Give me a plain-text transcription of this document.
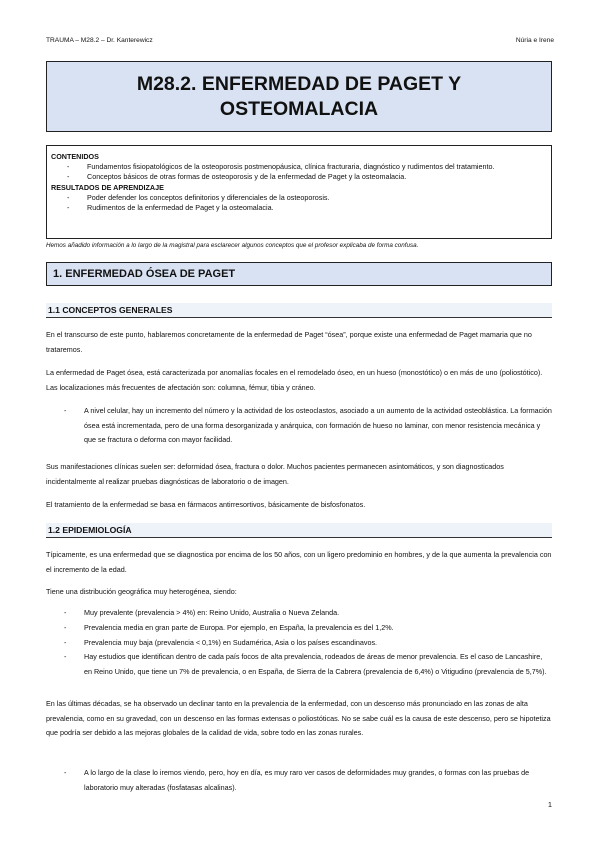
TRAUMA – M28.2 – Dr. Kanterewicz	Núria e Irene
M28.2. ENFERMEDAD DE PAGET Y
OSTEOMALACIA
CONTENIDOS
- Fundamentos fisiopatológicos de la osteoporosis postmenopáusica, clínica fracturaria, diagnóstico y rudimentos del tratamiento.
- Conceptos básicos de otras formas de osteoporosis y de la enfermedad de Paget y la osteomalacia.
RESULTADOS DE APRENDIZAJE
- Poder defender los conceptos definitorios y diferenciales de la osteoporosis.
- Rudimentos de la enfermedad de Paget y la osteomalacia.
Hemos añadido información a lo largo de la magistral para esclarecer algunos conceptos que el profesor explicaba de forma confusa.
1. ENFERMEDAD ÓSEA DE PAGET
1.1 CONCEPTOS GENERALES
En el transcurso de este punto, hablaremos concretamente de la enfermedad de Paget “ósea”, porque existe una enfermedad de Paget mamaria que no trataremos.
La enfermedad de Paget ósea, está caracterizada por anomalías focales en el remodelado óseo, en un hueso (monostótico) o en más de uno (poliostótico). Las localizaciones más frecuentes de afectación son: columna, fémur, tibia y cráneo.
- A nivel celular, hay un incremento del número y la actividad de los osteoclastos, asociado a un aumento de la actividad osteoblástica. La formación ósea está incrementada, pero de una forma desorganizada y anárquica, con formación de hueso no laminar, con menor resistencia mecánica y que se fractura o deforma con mayor facilidad.
Sus manifestaciones clínicas suelen ser: deformidad ósea, fractura o dolor. Muchos pacientes permanecen asintomáticos, y son diagnosticados incidentalmente al realizar pruebas diagnósticas de laboratorio o de imagen.
El tratamiento de la enfermedad se basa en fármacos antirresortivos, básicamente de bisfosfonatos.
1.2 EPIDEMIOLOGÍA
Típicamente, es una enfermedad que se diagnostica por encima de los 50 años, con un ligero predominio en hombres, y de la que aumenta la prevalencia con el incremento de la edad.
Tiene una distribución geográfica muy heterogénea, siendo:
- Muy prevalente (prevalencia > 4%) en: Reino Unido, Australia o Nueva Zelanda.
- Prevalencia media en gran parte de Europa. Por ejemplo, en España, la prevalencia es del 1,2%.
- Prevalencia muy baja (prevalencia < 0,1%) en Sudamérica, Asia o los países escandinavos.
- Hay estudios que identifican dentro de cada país focos de alta prevalencia, rodeados de áreas de menor prevalencia. Es el caso de Lancashire, en Reino Unido, que tiene un 7% de prevalencia, o en España, de Sierra de la Cabrera (prevalencia de 6,4%) o Vitigudino (prevalencia de 5,7%).
En las últimas décadas, se ha observado un declinar tanto en la prevalencia de la enfermedad, con un descenso más pronunciado en las zonas de alta prevalencia, como en su gravedad, con un descenso en las formas extensas o poliostóticas. No se sabe cuál es la causa de este descenso, pero se hipotetiza que podría ser debido a las mejoras globales de la calidad de vida, sobre todo en las zonas rurales.
- A lo largo de la clase lo iremos viendo, pero, hoy en día, es muy raro ver casos de deformidades muy grandes, o formas con las pruebas de laboratorio muy alteradas (fosfatasas alcalinas).
1
